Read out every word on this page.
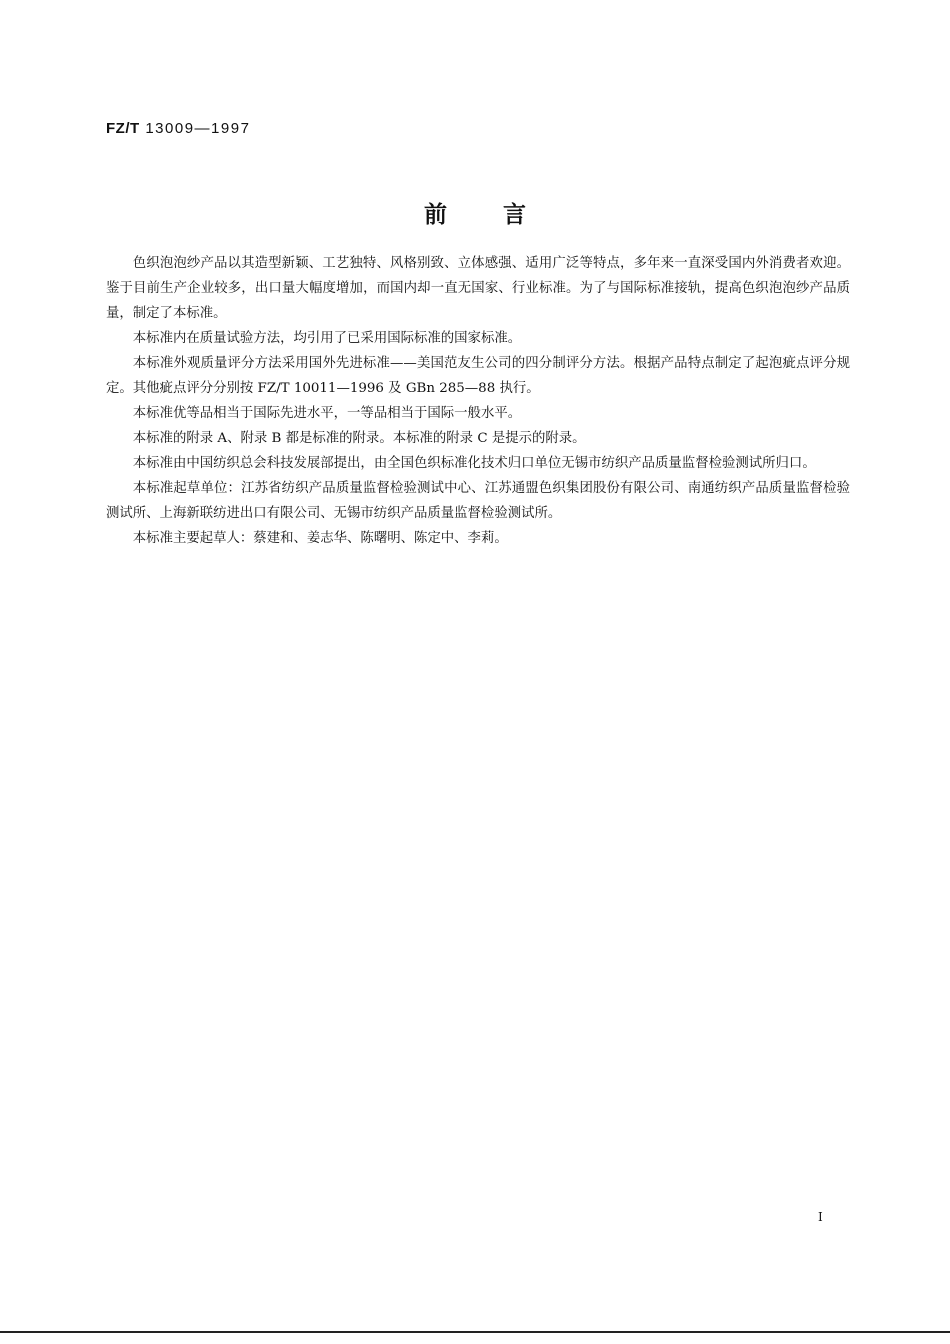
FZ/T 13009—1997
前言

色织泡泡纱产品以其造型新颖、工艺独特、风格别致、立体感强、适用广泛等特点，多年来一直深受国内外消费者欢迎。鉴于目前生产企业较多，出口量大幅度增加，而国内却一直无国家、行业标准。为了与国际标准接轨，提高色织泡泡纱产品质量，制定了本标准。

本标准内在质量试验方法，均引用了已采用国际标准的国家标准。

本标准外观质量评分方法采用国外先进标准——美国范友生公司的四分制评分方法。根据产品特点制定了起泡疵点评分规定。其他疵点评分分别按 FZ/T 10011—1996 及 GBn 285—88 执行。

本标准优等品相当于国际先进水平，一等品相当于国际一般水平。

本标准的附录 A、附录 B 都是标准的附录。本标准的附录 C 是提示的附录。

本标准由中国纺织总会科技发展部提出，由全国色织标准化技术归口单位无锡市纺织产品质量监督检验测试所归口。

本标准起草单位：江苏省纺织产品质量监督检验测试中心、江苏通盟色织集团股份有限公司、南通纺织产品质量监督检验测试所、上海新联纺进出口有限公司、无锡市纺织产品质量监督检验测试所。

本标准主要起草人：蔡建和、姜志华、陈曙明、陈定中、李莉。

I
